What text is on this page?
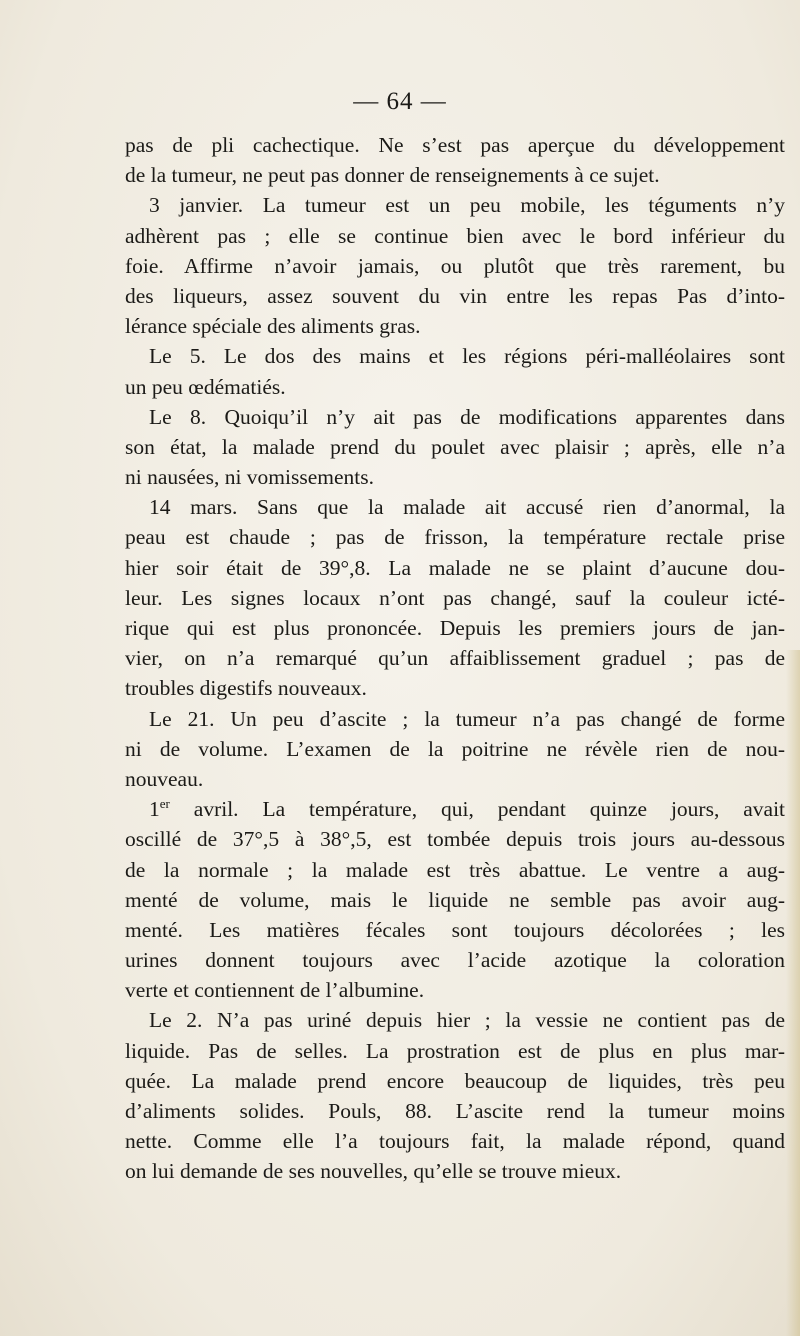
— 64 —
pas de pli cachectique. Ne s’est pas aperçue du développement
de la tumeur, ne peut pas donner de renseignements à ce sujet.
3 janvier. La tumeur est un peu mobile, les téguments n’y
adhèrent pas ; elle se continue bien avec le bord inférieur du
foie. Affirme n’avoir jamais, ou plutôt que très rarement, bu
des liqueurs, assez souvent du vin entre les repas Pas d’into-
lérance spéciale des aliments gras.
Le 5. Le dos des mains et les régions péri-malléolaires sont
un peu œdématiés.
Le 8. Quoiqu’il n’y ait pas de modifications apparentes dans
son état, la malade prend du poulet avec plaisir ; après, elle n’a
ni nausées, ni vomissements.
14 mars. Sans que la malade ait accusé rien d’anormal, la
peau est chaude ; pas de frisson, la température rectale prise
hier soir était de 39°,8. La malade ne se plaint d’aucune dou-
leur. Les signes locaux n’ont pas changé, sauf la couleur icté-
rique qui est plus prononcée. Depuis les premiers jours de jan-
vier, on n’a remarqué qu’un affaiblissement graduel ; pas de
troubles digestifs nouveaux.
Le 21. Un peu d’ascite ; la tumeur n’a pas changé de forme
ni de volume. L’examen de la poitrine ne révèle rien de nou-
nouveau.
1er avril. La température, qui, pendant quinze jours, avait
oscillé de 37°,5 à 38°,5, est tombée depuis trois jours au-dessous
de la normale ; la malade est très abattue. Le ventre a aug-
menté de volume, mais le liquide ne semble pas avoir aug-
menté. Les matières fécales sont toujours décolorées ; les
urines donnent toujours avec l’acide azotique la coloration
verte et contiennent de l’albumine.
Le 2. N’a pas uriné depuis hier ; la vessie ne contient pas de
liquide. Pas de selles. La prostration est de plus en plus mar-
quée. La malade prend encore beaucoup de liquides, très peu
d’aliments solides. Pouls, 88. L’ascite rend la tumeur moins
nette. Comme elle l’a toujours fait, la malade répond, quand
on lui demande de ses nouvelles, qu’elle se trouve mieux.
